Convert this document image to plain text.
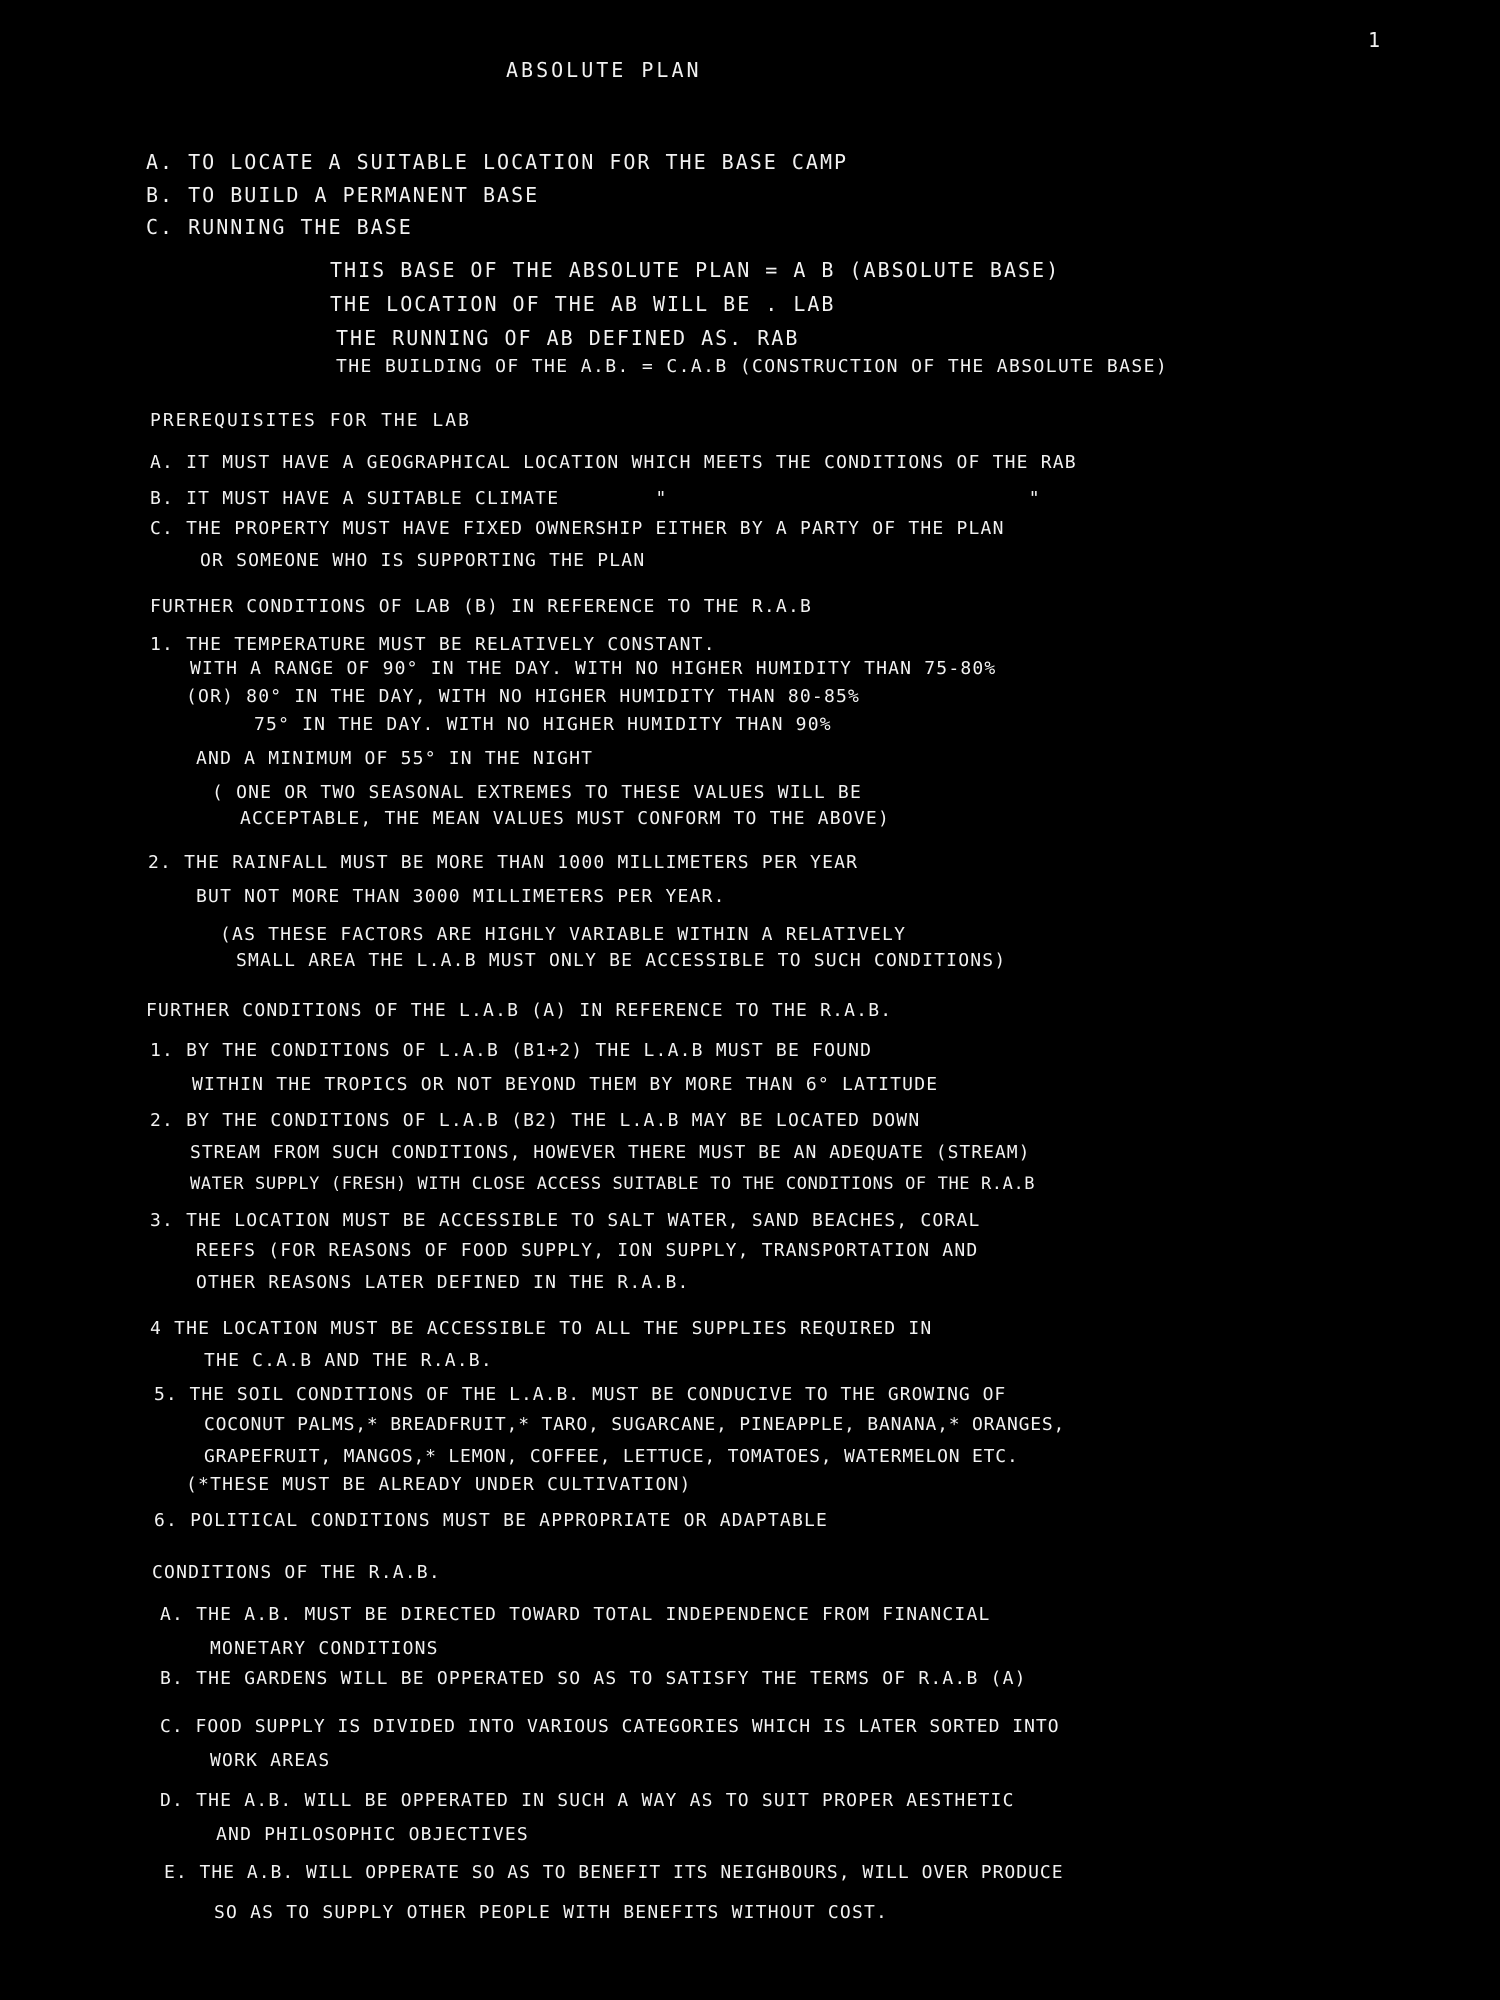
1
ABSOLUTE PLAN
A. TO LOCATE A SUITABLE LOCATION FOR THE BASE CAMP
B. TO BUILD A PERMANENT BASE
C. RUNNING THE BASE
THIS BASE OF THE ABSOLUTE PLAN = A B (ABSOLUTE BASE)
THE LOCATION OF THE AB WILL BE . LAB
THE RUNNING OF AB DEFINED AS. RAB
THE BUILDING OF THE A.B. = C.A.B (CONSTRUCTION OF THE ABSOLUTE BASE)
PREREQUISITES FOR THE LAB
A. IT MUST HAVE A GEOGRAPHICAL LOCATION WHICH MEETS THE CONDITIONS OF THE RAB
B. IT MUST HAVE A SUITABLE CLIMATE        "                              "
C. THE PROPERTY MUST HAVE FIXED OWNERSHIP EITHER BY A PARTY OF THE PLAN
OR SOMEONE WHO IS SUPPORTING THE PLAN
FURTHER CONDITIONS OF LAB (B) IN REFERENCE TO THE R.A.B
1. THE TEMPERATURE MUST BE RELATIVELY CONSTANT.
WITH A RANGE OF 90° IN THE DAY. WITH NO HIGHER HUMIDITY THAN 75-80%
(OR) 80° IN THE DAY, WITH NO HIGHER HUMIDITY THAN 80-85%
75° IN THE DAY. WITH NO HIGHER HUMIDITY THAN 90%
AND A MINIMUM OF 55° IN THE NIGHT
( ONE OR TWO SEASONAL EXTREMES TO THESE VALUES WILL BE
ACCEPTABLE, THE MEAN VALUES MUST CONFORM TO THE ABOVE)
2. THE RAINFALL MUST BE MORE THAN 1000 MILLIMETERS PER YEAR
BUT NOT MORE THAN 3000 MILLIMETERS PER YEAR.
(AS THESE FACTORS ARE HIGHLY VARIABLE WITHIN A RELATIVELY
SMALL AREA THE L.A.B MUST ONLY BE ACCESSIBLE TO SUCH CONDITIONS)
FURTHER CONDITIONS OF THE L.A.B (A) IN REFERENCE TO THE R.A.B.
1. BY THE CONDITIONS OF L.A.B (B1+2) THE L.A.B MUST BE FOUND
WITHIN THE TROPICS OR NOT BEYOND THEM BY MORE THAN 6° LATITUDE
2. BY THE CONDITIONS OF L.A.B (B2) THE L.A.B MAY BE LOCATED DOWN
STREAM FROM SUCH CONDITIONS, HOWEVER THERE MUST BE AN ADEQUATE (STREAM)
WATER SUPPLY (FRESH) WITH CLOSE ACCESS SUITABLE TO THE CONDITIONS OF THE R.A.B
3. THE LOCATION MUST BE ACCESSIBLE TO SALT WATER, SAND BEACHES, CORAL
REEFS (FOR REASONS OF FOOD SUPPLY, ION SUPPLY, TRANSPORTATION AND
OTHER REASONS LATER DEFINED IN THE R.A.B.
4 THE LOCATION MUST BE ACCESSIBLE TO ALL THE SUPPLIES REQUIRED IN
THE C.A.B AND THE R.A.B.
5. THE SOIL CONDITIONS OF THE L.A.B. MUST BE CONDUCIVE TO THE GROWING OF
COCONUT PALMS,* BREADFRUIT,* TARO, SUGARCANE, PINEAPPLE, BANANA,* ORANGES,
GRAPEFRUIT, MANGOS,* LEMON, COFFEE, LETTUCE, TOMATOES, WATERMELON ETC.
(*THESE MUST BE ALREADY UNDER CULTIVATION)
6. POLITICAL CONDITIONS MUST BE APPROPRIATE OR ADAPTABLE
CONDITIONS OF THE R.A.B.
A. THE A.B. MUST BE DIRECTED TOWARD TOTAL INDEPENDENCE FROM FINANCIAL
MONETARY CONDITIONS
B. THE GARDENS WILL BE OPPERATED SO AS TO SATISFY THE TERMS OF R.A.B (A)
C. FOOD SUPPLY IS DIVIDED INTO VARIOUS CATEGORIES WHICH IS LATER SORTED INTO
WORK AREAS
D. THE A.B. WILL BE OPPERATED IN SUCH A WAY AS TO SUIT PROPER AESTHETIC
AND PHILOSOPHIC OBJECTIVES
E. THE A.B. WILL OPPERATE SO AS TO BENEFIT ITS NEIGHBOURS, WILL OVER PRODUCE
SO AS TO SUPPLY OTHER PEOPLE WITH BENEFITS WITHOUT COST.
